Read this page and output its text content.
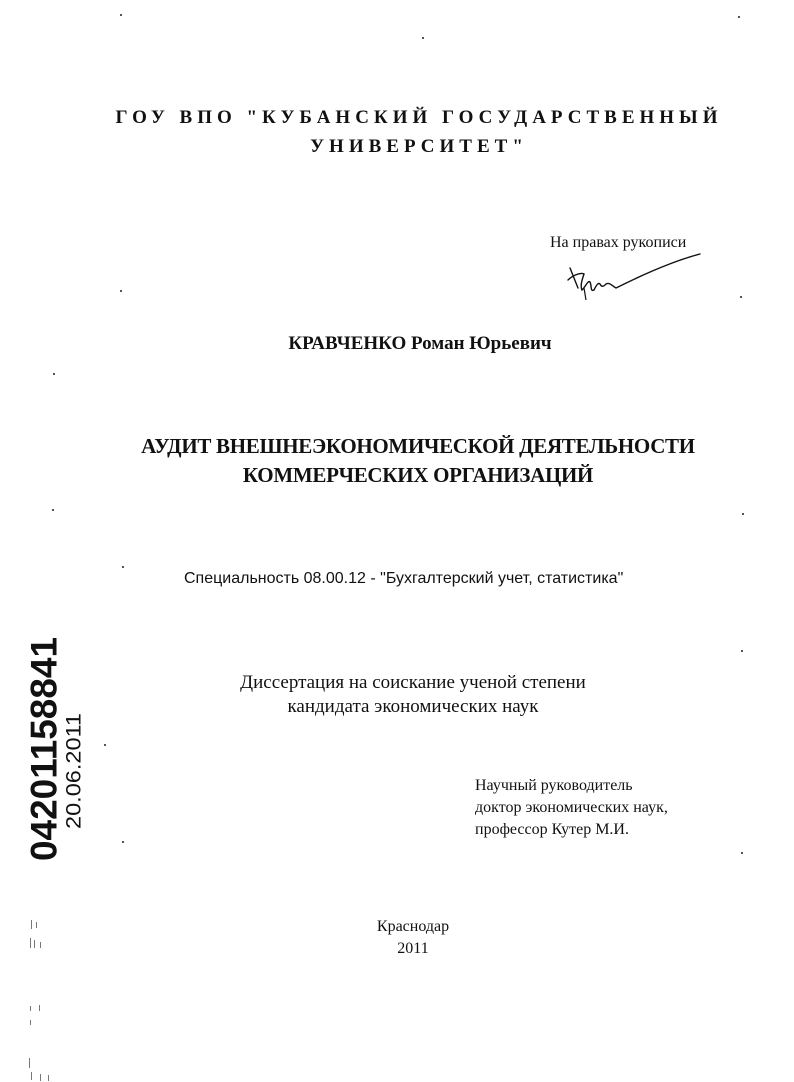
ГОУ ВПО "КУБАНСКИЙ ГОСУДАРСТВЕННЫЙ
УНИВЕРСИТЕТ"
На правах рукописи
КРАВЧЕНКО Роман Юрьевич
АУДИТ ВНЕШНЕЭКОНОМИЧЕСКОЙ ДЕЯТЕЛЬНОСТИ
КОММЕРЧЕСКИХ ОРГАНИЗАЦИЙ
Специальность 08.00.12 - "Бухгалтерский учет, статистика"
Диссертация на соискание ученой степени
кандидата экономических наук
Научный руководитель
доктор экономических наук,
профессор Кутер М.И.
Краснодар
2011
04201158841
20.06.2011
